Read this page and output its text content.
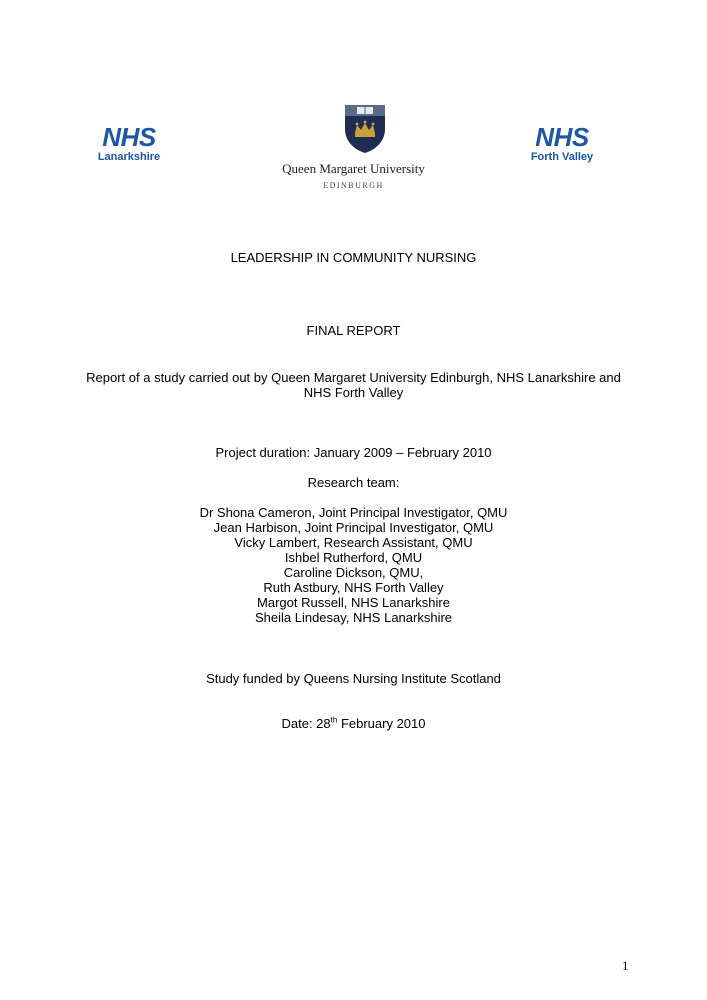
NHS
Lanarkshire
Queen Margaret University
EDINBURGH
NHS
Forth Valley
LEADERSHIP IN COMMUNITY NURSING
FINAL REPORT
Report of a study carried out by Queen Margaret University Edinburgh, NHS Lanarkshire and
NHS Forth Valley
Project duration: January 2009 – February 2010
Research team:
Dr Shona Cameron, Joint Principal Investigator, QMU
Jean Harbison, Joint Principal Investigator, QMU
Vicky Lambert, Research Assistant, QMU
Ishbel Rutherford, QMU
Caroline Dickson, QMU,
Ruth Astbury, NHS Forth Valley
Margot Russell, NHS Lanarkshire
Sheila Lindesay, NHS Lanarkshire
Study funded by Queens Nursing Institute Scotland
Date: 28th February 2010
1
